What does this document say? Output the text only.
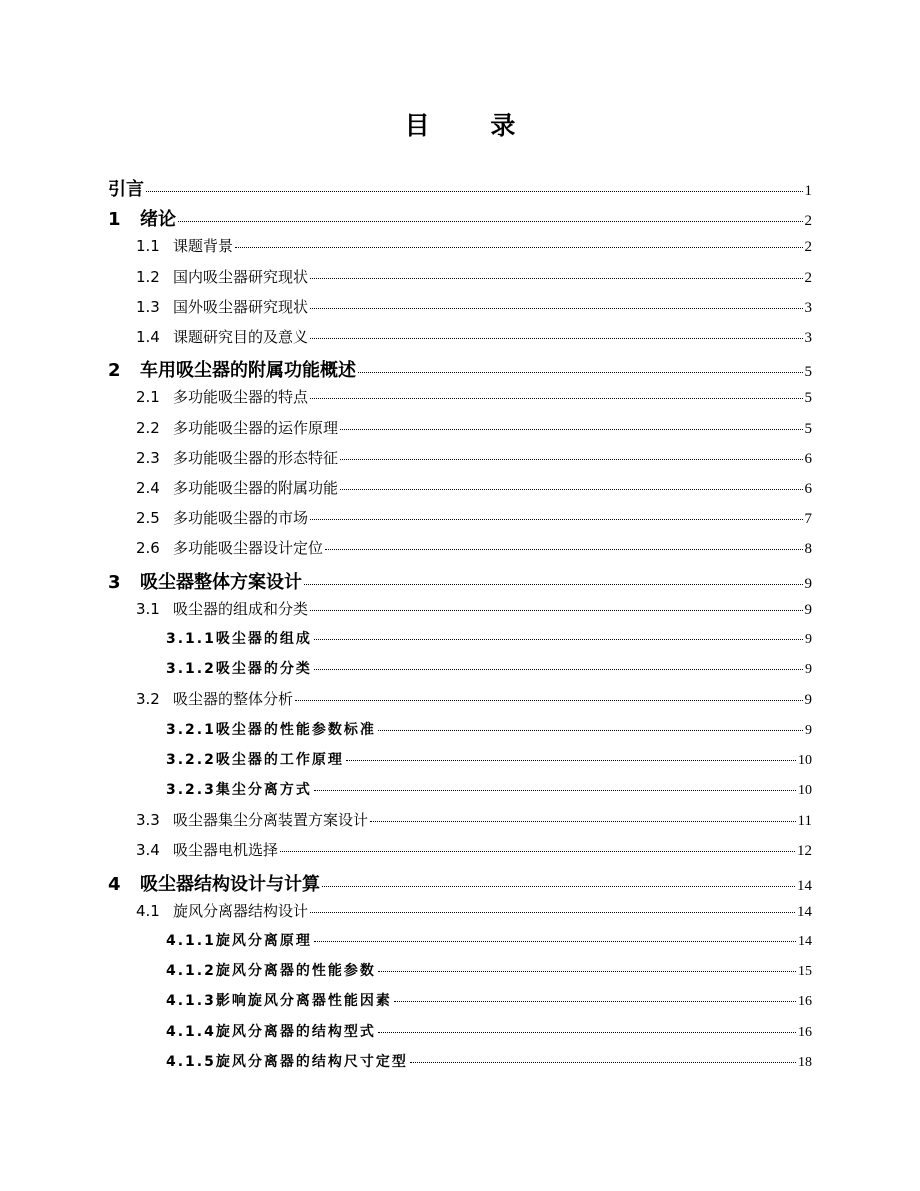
目 录
引言	1
1	绪论	2
1.1 课题背景	2
1.2 国内吸尘器研究现状	2
1.3 国外吸尘器研究现状	3
1.4 课题研究目的及意义	3
2	车用吸尘器的附属功能概述	5
2.1 多功能吸尘器的特点	5
2.2 多功能吸尘器的运作原理	5
2.3 多功能吸尘器的形态特征	6
2.4 多功能吸尘器的附属功能	6
2.5 多功能吸尘器的市场	7
2.6 多功能吸尘器设计定位	8
3	吸尘器整体方案设计	9
3.1 吸尘器的组成和分类	9
3.1.1 吸尘器的组成	9
3.1.2 吸尘器的分类	9
3.2 吸尘器的整体分析	9
3.2.1 吸尘器的性能参数标准	9
3.2.2 吸尘器的工作原理	10
3.2.3 集尘分离方式	10
3.3 吸尘器集尘分离装置方案设计	11
3.4 吸尘器电机选择	12
4	吸尘器结构设计与计算	14
4.1 旋风分离器结构设计	14
4.1.1 旋风分离原理	14
4.1.2 旋风分离器的性能参数	15
4.1.3 影响旋风分离器性能因素	16
4.1.4 旋风分离器的结构型式	16
4.1.5 旋风分离器的结构尺寸定型	18
